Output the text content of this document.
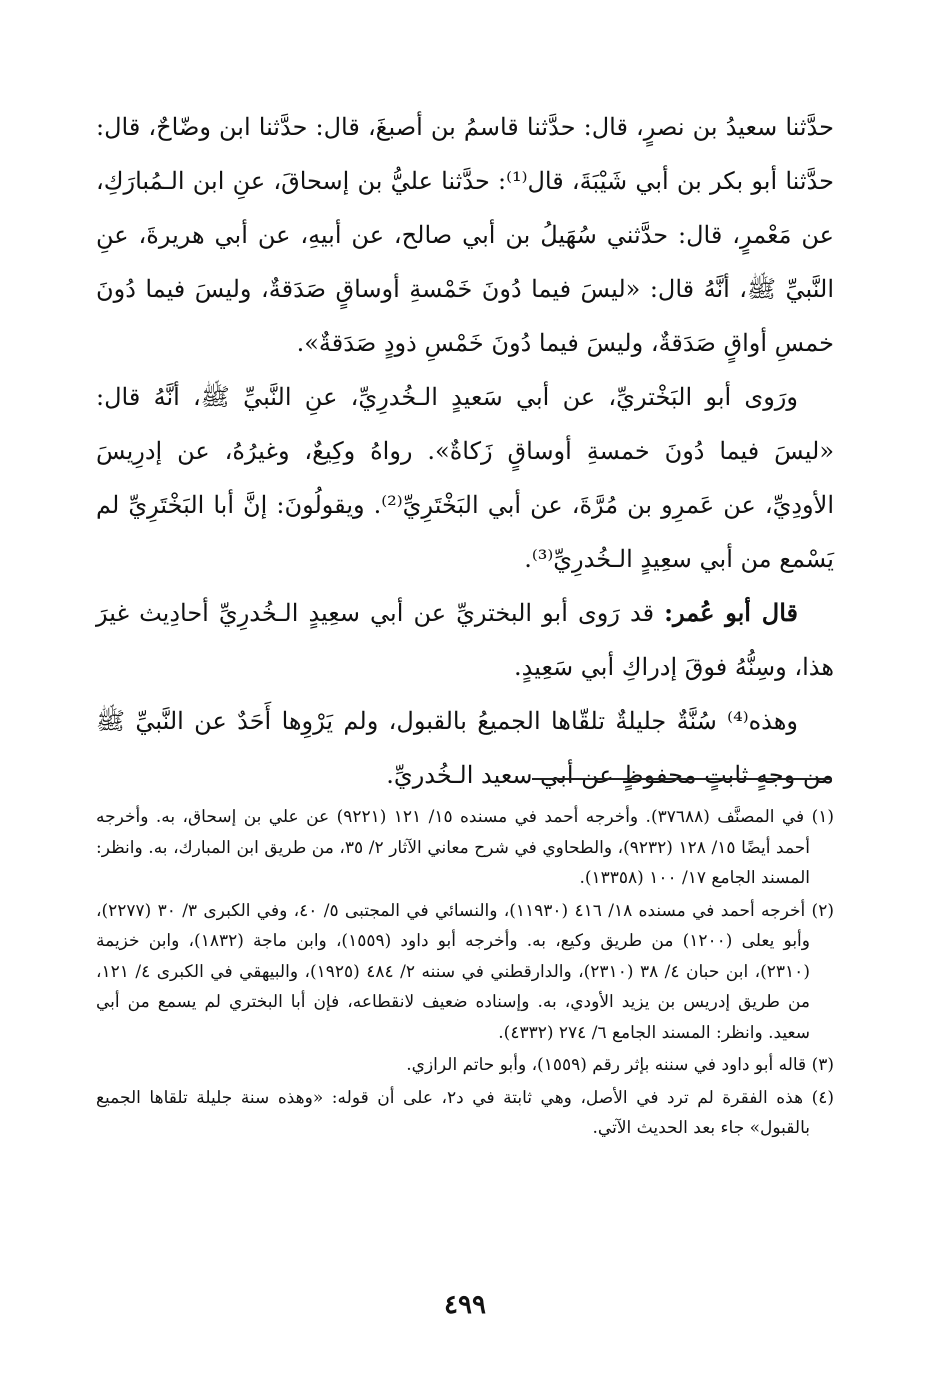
حدَّثنا سعيدُ بن نصرٍ، قال: حدَّثنا قاسمُ بن أصبغَ، قال: حدَّثنا ابن وضّاحٌ، قال: حدَّثنا أبو بكر بن أبي شَيْبَةَ، قال⁽¹⁾: حدَّثنا عليُّ بن إسحاقَ، عنِ ابن الـمُبارَكِ، عن مَعْمرٍ، قال: حدَّثني سُهَيلُ بن أبي صالح، عن أبيهِ، عن أبي هريرةَ، عنِ النَّبيِّ ﷺ، أنَّهُ قال: «ليسَ فيما دُونَ خَمْسةِ أوساقٍ صَدَقةٌ، وليسَ فيما دُونَ خمسِ أواقٍ صَدَقةٌ، وليسَ فيما دُونَ خَمْسِ ذودٍ صَدَقةٌ».

ورَوى أبو البَخْتريِّ، عن أبي سَعيدٍ الـخُدرِيِّ، عنِ النَّبيِّ ﷺ، أنَّهُ قال: «ليسَ فيما دُونَ خمسةِ أوساقٍ زَكاةٌ». رواهُ وكِيعٌ، وغيرُهُ، عن إدرِيسَ الأودِيِّ، عن عَمرِو بن مُرَّةَ، عن أبي البَخْتَرِيِّ⁽²⁾. ويقولُونَ: إنَّ أبا البَخْتَرِيِّ لم يَسْمع من أبي سعِيدٍ الـخُدرِيِّ⁽³⁾.

قال أبو عُمر: قد رَوى أبو البختريِّ عن أبي سعِيدٍ الـخُدرِيِّ أحادِيث غيرَ هذا، وسِنُّهُ فوقَ إدراكِ أبي سَعِيدٍ.

وهذه⁽⁴⁾ سُنَّةٌ جليلةٌ تلقّاها الجميعُ بالقبول، ولم يَرْوِها أَحَدٌ عن النَّبيِّ ﷺ من وجهٍ ثابتٍ محفوظٍ عن أبي سعيد الـخُدريِّ.

(١) في المصنَّف (٣٧٦٨٨). وأخرجه أحمد في مسنده ١٥/ ١٢١ (٩٢٢١) عن علي بن إسحاق، به. وأخرجه أحمد أيضًا ١٥/ ١٢٨ (٩٢٣٢)، والطحاوي في شرح معاني الآثار ٢/ ٣٥، من طريق ابن المبارك، به. وانظر: المسند الجامع ١٧/ ١٠٠ (١٣٣٥٨).

(٢) أخرجه أحمد في مسنده ١٨/ ٤١٦ (١١٩٣٠)، والنسائي في المجتبى ٥/ ٤٠، وفي الكبرى ٣/ ٣٠ (٢٢٧٧)، وأبو يعلى (١٢٠٠) من طريق وكيع، به. وأخرجه أبو داود (١٥٥٩)، وابن ماجة (١٨٣٢)، وابن خزيمة (٢٣١٠)، ابن حبان ٤/ ٣٨ (٢٣١٠)، والدارقطني في سننه ٢/ ٤٨٤ (١٩٢٥)، والبيهقي في الكبرى ٤/ ١٢١، من طريق إدريس بن يزيد الأودي، به. وإسناده ضعيف لانقطاعه، فإن أبا البختري لم يسمع من أبي سعيد. وانظر: المسند الجامع ٦/ ٢٧٤ (٤٣٣٢).

(٣) قاله أبو داود في سننه بإثر رقم (١٥٥٩)، وأبو حاتم الرازي.

(٤) هذه الفقرة لم ترد في الأصل، وهي ثابتة في د٢، على أن قوله: «وهذه سنة جليلة تلقاها الجميع بالقبول» جاء بعد الحديث الآتي.

٤٩٩
